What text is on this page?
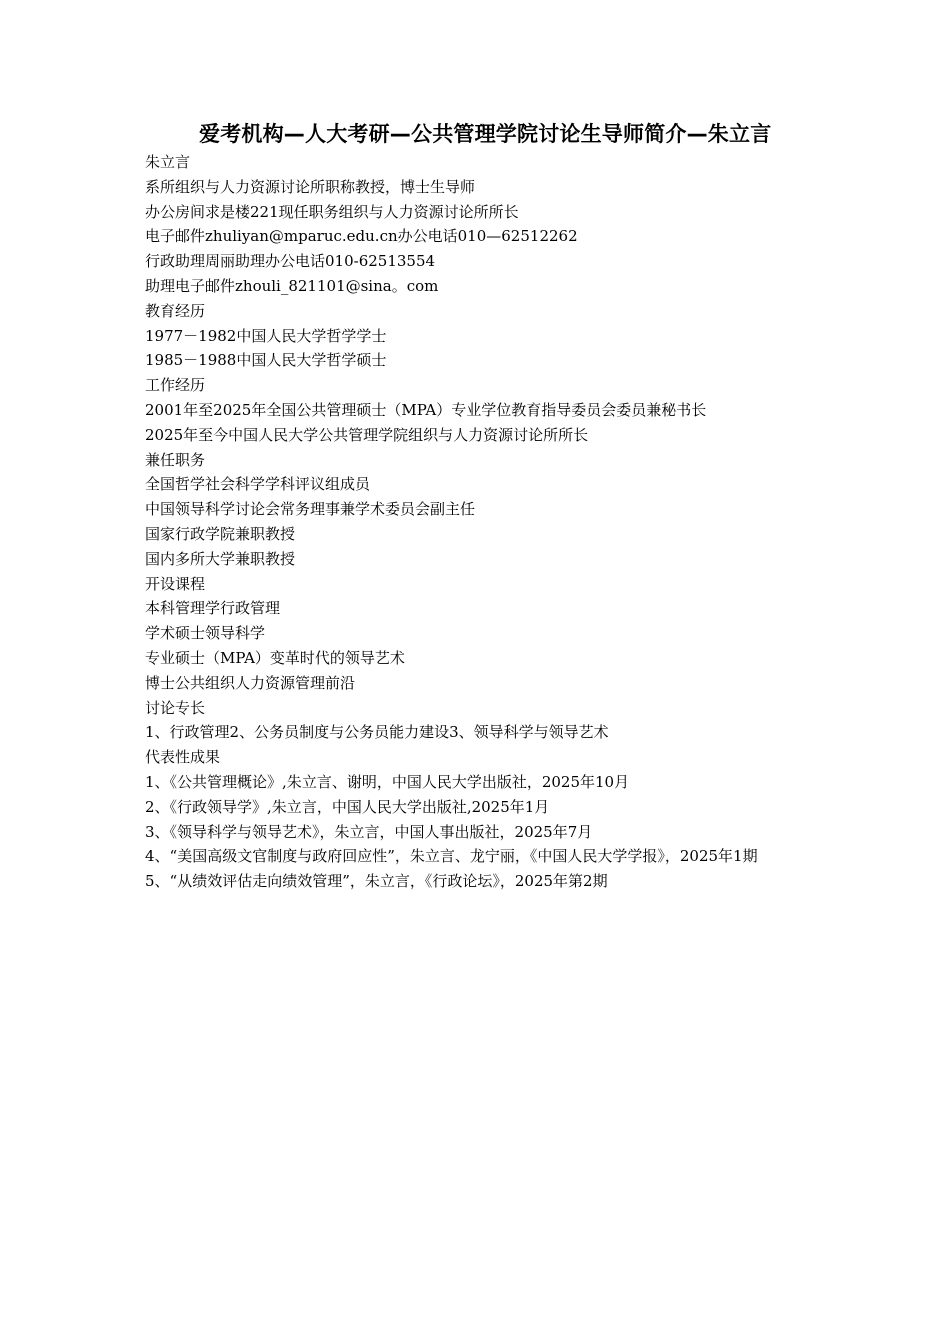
爱考机构—人大考研—公共管理学院讨论生导师简介—朱立言
朱立言
系所组织与人力资源讨论所职称教授，博士生导师
办公房间求是楼221现任职务组织与人力资源讨论所所长
电子邮件zhuliyan@mparuc.edu.cn办公电话010—62512262
行政助理周丽助理办公电话010-62513554
助理电子邮件zhouli_821101@sina。com
教育经历
1977－1982中国人民大学哲学学士
1985－1988中国人民大学哲学硕士
工作经历
2001年至2025年全国公共管理硕士（MPA）专业学位教育指导委员会委员兼秘书长
2025年至今中国人民大学公共管理学院组织与人力资源讨论所所长
兼任职务
全国哲学社会科学学科评议组成员
中国领导科学讨论会常务理事兼学术委员会副主任
国家行政学院兼职教授
国内多所大学兼职教授
开设课程
本科管理学行政管理
学术硕士领导科学
专业硕士（MPA）变革时代的领导艺术
博士公共组织人力资源管理前沿
讨论专长
1、行政管理2、公务员制度与公务员能力建设3、领导科学与领导艺术
代表性成果
1、《公共管理概论》,朱立言、谢明，中国人民大学出版社，2025年10月
2、《行政领导学》,朱立言，中国人民大学出版社,2025年1月
3、《领导科学与领导艺术》，朱立言，中国人事出版社，2025年7月
4、“美国高级文官制度与政府回应性”，朱立言、龙宁丽，《中国人民大学学报》，2025年1期
5、“从绩效评估走向绩效管理”，朱立言，《行政论坛》，2025年第2期
